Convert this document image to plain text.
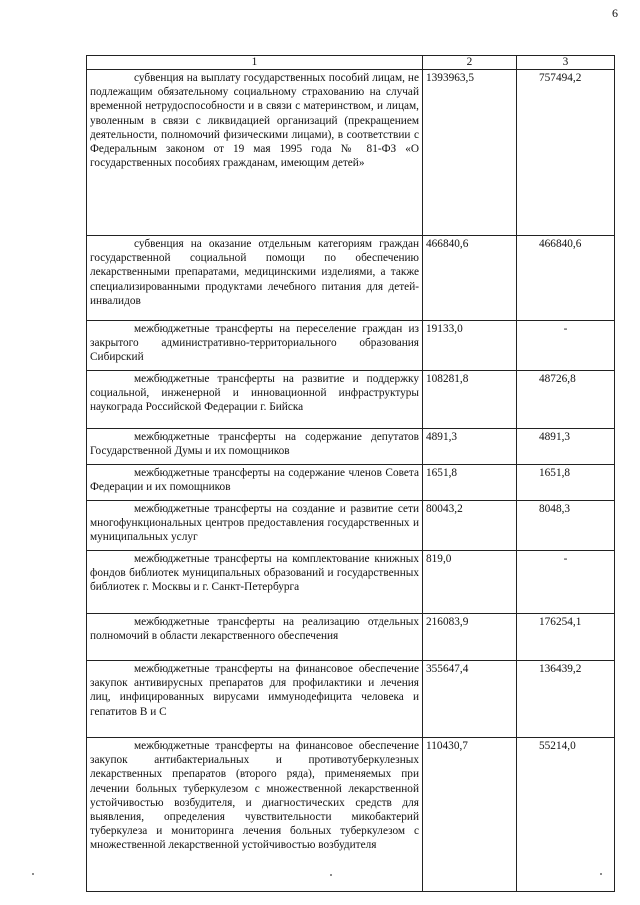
6
1	2	3
субвенция на выплату государственных пособий лицам, не подлежащим обязательному социальному страхованию на случай временной нетрудоспособности и в связи с материнством, и лицам, уволенным в связи с ликвидацией организаций (прекращением деятельности, полномочий физическими лицами), в соответствии с Федеральным законом от 19 мая 1995 года № 81-ФЗ «О государственных пособиях гражданам, имеющим детей»	1393963,5	757494,2
субвенция на оказание отдельным категориям граждан государственной социальной помощи по обеспечению лекарственными препаратами, медицинскими изделиями, а также специализированными продуктами лечебного питания для детей-инвалидов	466840,6	466840,6
межбюджетные трансферты на переселение граждан из закрытого административно-территориального образования Сибирский	19133,0	-
межбюджетные трансферты на развитие и поддержку социальной, инженерной и инновационной инфраструктуры наукограда Российской Федерации г. Бийска	108281,8	48726,8
межбюджетные трансферты на содержание депутатов Государственной Думы и их помощников	4891,3	4891,3
межбюджетные трансферты на содержание членов Совета Федерации и их помощников	1651,8	1651,8
межбюджетные трансферты на создание и развитие сети многофункциональных центров предоставления государственных и муниципальных услуг	80043,2	8048,3
межбюджетные трансферты на комплектование книжных фондов библиотек муниципальных образований и государственных библиотек г. Москвы и г. Санкт-Петербурга	819,0	-
межбюджетные трансферты на реализацию отдельных полномочий в области лекарственного обеспечения	216083,9	176254,1
межбюджетные трансферты на финансовое обеспечение закупок антивирусных препаратов для профилактики и лечения лиц, инфицированных вирусами иммунодефицита человека и гепатитов В и С	355647,4	136439,2
межбюджетные трансферты на финансовое обеспечение закупок антибактериальных и противотуберкулезных лекарственных препаратов (второго ряда), применяемых при лечении больных туберкулезом с множественной лекарственной устойчивостью возбудителя, и диагностических средств для выявления, определения чувствительности микобактерий туберкулеза и мониторинга лечения больных туберкулезом с множественной лекарственной устойчивостью возбудителя	110430,7	55214,0
